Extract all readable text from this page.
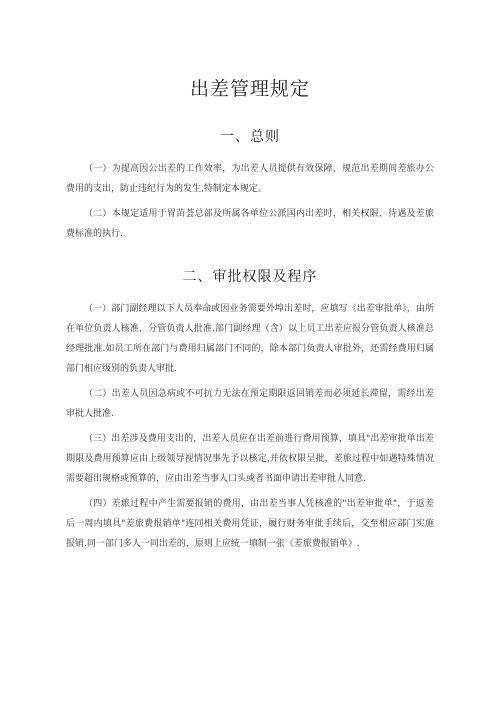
出差管理规定
一、总则

（一）为提高因公出差的工作效率，为出差人员提供有效保障，规范出差期间差旅办公费用的支出，防止违纪行为的发生,特制定本规定。

（二）本规定适用于胃苗荟总部及所属各单位公派国内出差时，相关权限、待遇及差旅费标准的执行.

二、审批权限及程序

（一）部门副经理以下人员奉命或因业务需要外埠出差时，应填写《出差审批单》，由所在单位负责人核准，分管负责人批准.部门副经理（含）以上员工出差应报分管负责人核准总经理批准.如员工所在部门与费用归属部门不同的，除本部门负责人审批外，还需经费用归属部门相应级别的负责人审批.

（二）出差人员因急病或不可抗力无法在预定期限返回销差而必须延长滞留，需经出差审批人批准.

（三）出差涉及费用支出的，出差人员应在出差前进行费用预算，填具"出差审批单出差期限及费用预算应由上级领导视情况事先予以核定,并依权限呈批，差旅过程中如遇特殊情况需要超出规格或预算的，应由出差当事人口头或者书面申请出差审批人同意.

（四）差旅过程中产生需要报销的费用，由出差当事人凭核准的"出差审批单"，于返差后一周内填具"差旅费报销单"连同相关费用凭证，履行财务审批手续后，交至相应部门实施报销.同一部门多人一同出差的，原则上应统一填制一张《差旅费报销单》.
